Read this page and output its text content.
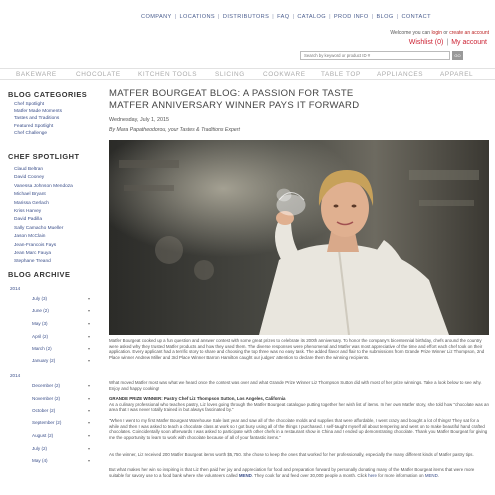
COMPANY | LOCATIONS | DISTRIBUTORS | FAQ | CATALOG | PROD INFO | BLOG | CONTACT
Welcome you can login or create an account
Wishlist (0) | My account
Search by keyword or product ID #
GO
BAKEWARE	CHOCOLATE	KITCHEN TOOLS	SLICING	COOKWARE TABLE TOP	APPLIANCES	APPAREL
BLOG CATEGORIES
Chef Spotlight
Matfer Made Moments
Tastes and Traditions
Featured Spotlight
Chef Challenge
CHEF SPOTLIGHT
Claud Beltran
David Cooney
Vanessa Johnson Mendoza
Michael Bryant
Marissa Gerlach
Kriss Harvey
David Padilla
Sally Camacho Mueller
Jason McClain
Jean-Francois Fays
Jean Marc Fauya
Stephane Treand
BLOG ARCHIVE
2014
July (3)	▾
June (2)	▾
May (3)	▾
April (2)	▾
March (2)	▾
January (2)	▾
2014
December (2)	▾
November (2)	▾
October (2)	▾
September (2)	▾
August (2)	▾
July (2)	▾
May (4)	▾
MATFER BOURGEAT BLOG: A PASSION FOR TASTE
MATFER ANNIVERSARY WINNER PAYS IT FORWARD
Wednesday, July 1, 2015
By Mara Papatheodorou, your Tastes & Traditions Expert
Matfer Bourgeat cooked up a fun question and answer contest with some great prizes to celebrate its 200th anniversary. To honor the company's bicentennial birthday, chefs around the country were asked why they trusted Matfer products and how they used them. The diverse responses were phenomenal and Matfer was most appreciative of the time and effort each chef took on their application. Every applicant had a terrific story to share and choosing the top three was no easy task. The added flavor and flair to the submissions from Grande Prize Winner Liz Thompson, 2nd Place winner Andrew Miller and 3rd Place Winner Barron Hamilton caught our judges' attention to declare them the winning recipients.
What moved Matfer most was what we heard once the contest was over and what Grande Prize Winner Liz Thompson Sutton did with most of her prize winnings. Take a look below to see why. Enjoy and happy cooking!
GRANDE PRIZE WINNER: Pastry Chef Liz Thompson Sutton, Los Angeles, California
As a culinary professional who teaches pastry, Liz loves going through the Matfer Bourgeat catalogue putting together her wish list of items. In her own Matfer story, she told how "chocolate was an area that I was never totally trained in but always fascinated by."
"When I went to my first Matfer Bourgeat Warehouse Sale last year and saw all of the chocolate molds and supplies that were affordable, I went crazy and bought a lot of things! They sat for a while and then I was asked to teach a chocolate class at work so I got busy using all of the things I purchased. I self-taught myself all about tempering and went on to make beautiful hand crafted chocolates. Coincidentally soon afterwards I was asked to participate with other chefs in a restaurant show in China and I ended up demonstrating chocolate. Thank you Matfer Bourgeat for giving me the opportunity to learn to work with chocolate because of all of your fantastic items."
As the winner, Liz received 200 Matfer Bourgeat items worth $5,750. She chose to keep the ones that worked for her professionally, especially the many different kinds of Matfer pastry tips.
But what makes her win so inspiring is that Liz then paid her joy and appreciation for food and preparation forward by personally donating many of the Matfer Bourgeat items that were more suitable for savory use to a food bank where she volunteers called MEND. They cook for and feed over 30,000 people a month. Click here for more information on MEND.
